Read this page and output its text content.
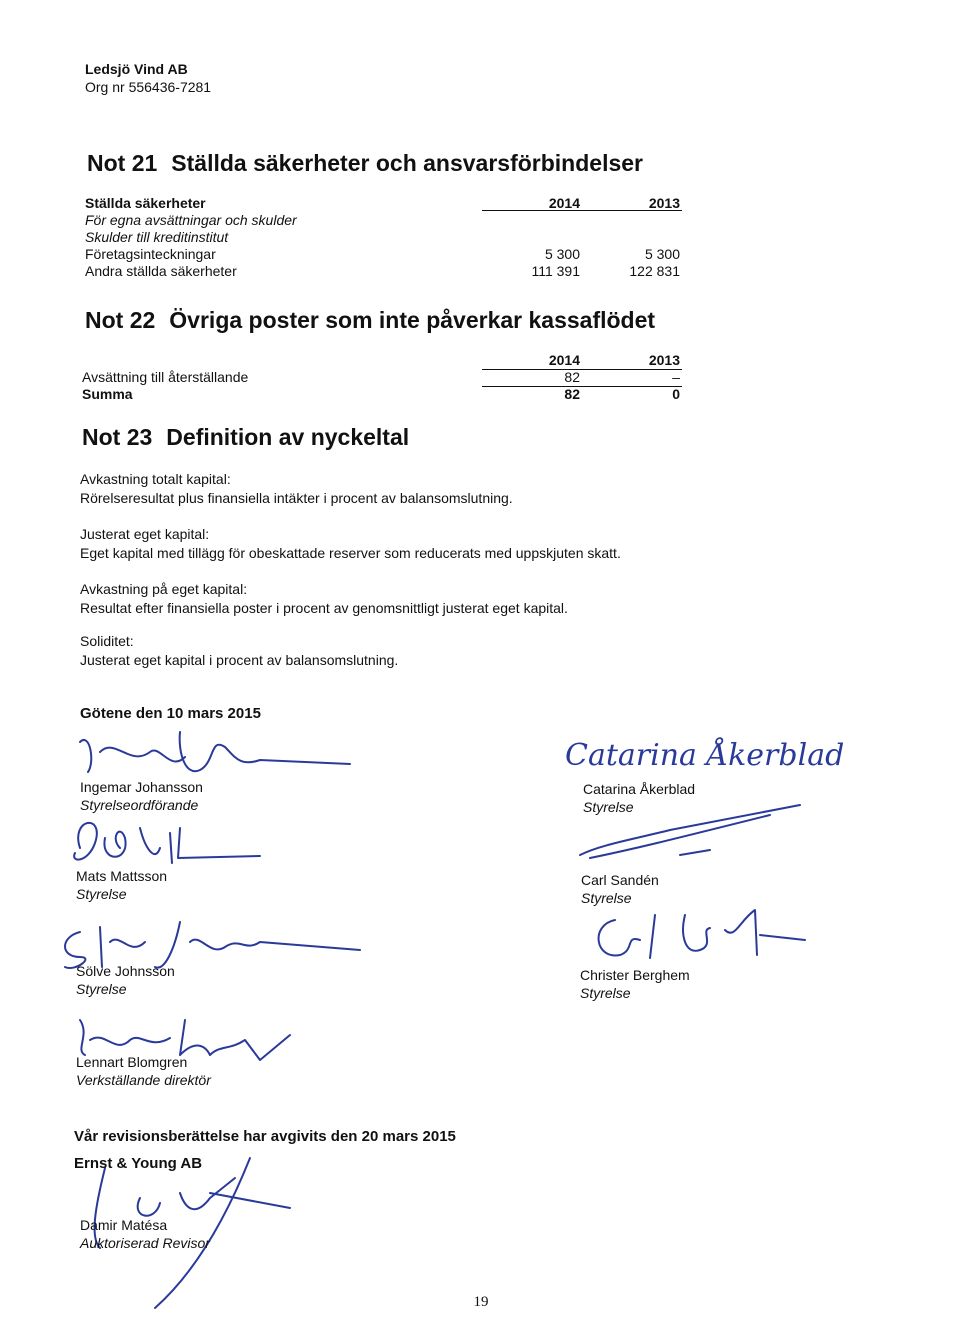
Ledsjö Vind AB
Org nr 556436-7281
Not 21 Ställda säkerheter och ansvarsförbindelser
Ställda säkerheter	2014	2013
För egna avsättningar och skulder
Skulder till kreditinstitut
Företagsinteckningar	5 300	5 300
Andra ställda säkerheter	111 391	122 831
Not 22 Övriga poster som inte påverkar kassaflödet
2014	2013
Avsättning till återställande	82	–
Summa	82	0
Not 23 Definition av nyckeltal
Avkastning totalt kapital:
Rörelseresultat plus finansiella intäkter i procent av balansomslutning.
Justerat eget kapital:
Eget kapital med tillägg för obeskattade reserver som reducerats med uppskjuten skatt.
Avkastning på eget kapital:
Resultat efter finansiella poster i procent av genomsnittligt justerat eget kapital.
Soliditet:
Justerat eget kapital i procent av balansomslutning.
Götene den 10 mars 2015
Catarina Åkerblad
Ingemar Johansson
Styrelseordförande
Catarina Åkerblad
Styrelse
Mats Mattsson
Styrelse
Carl Sandén
Styrelse
Sölve Johnsson
Styrelse
Christer Berghem
Styrelse
Lennart Blomgren
Verkställande direktör
Vår revisionsberättelse har avgivits den 20 mars 2015
Ernst & Young AB
Damir Matésa
Auktoriserad Revisor
19
